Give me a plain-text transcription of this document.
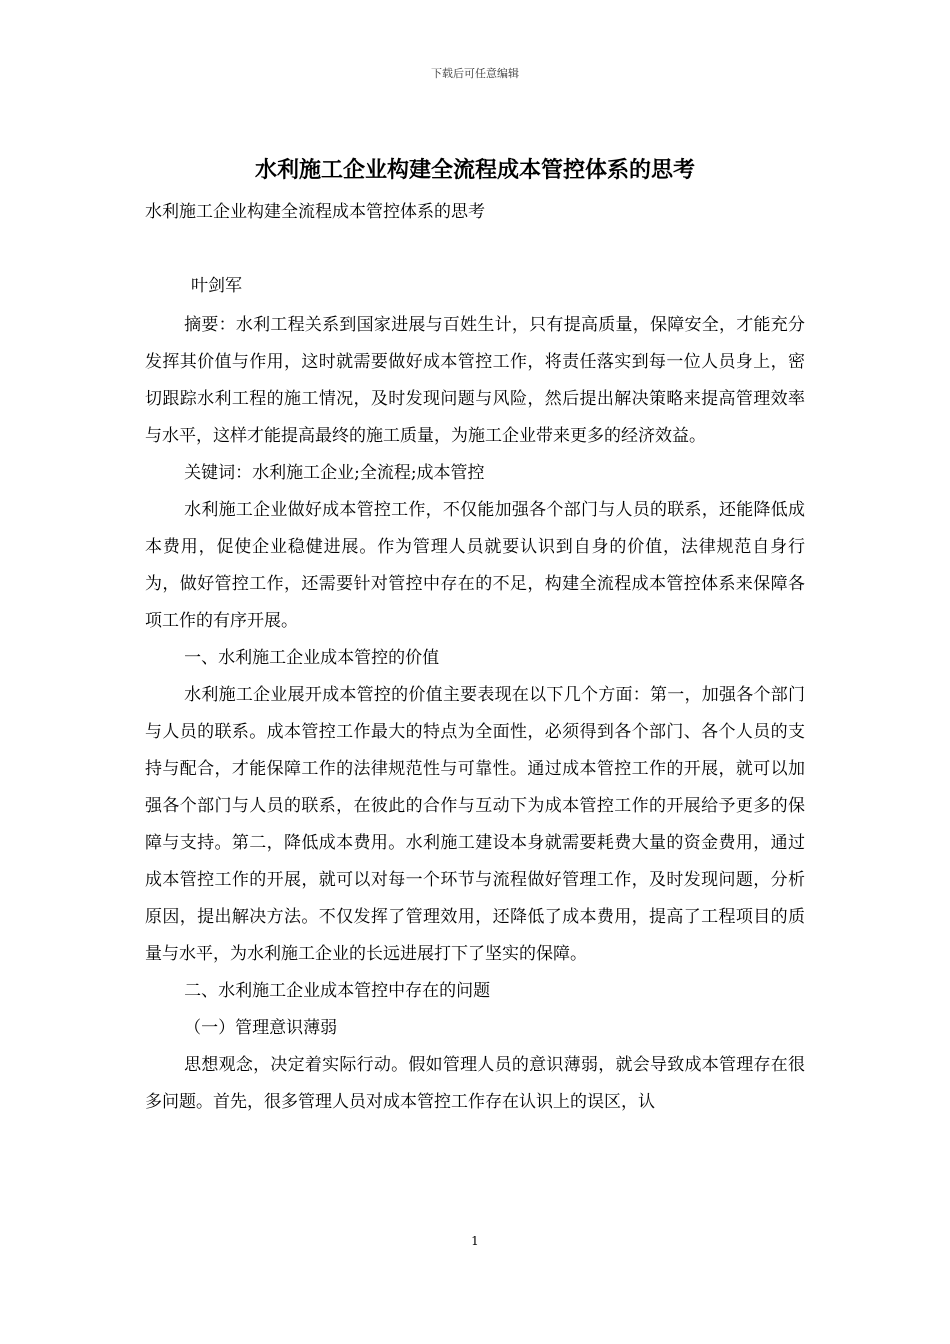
下载后可任意编辑
水利施工企业构建全流程成本管控体系的思考

水利施工企业构建全流程成本管控体系的思考

叶剑军

摘要：水利工程关系到国家进展与百姓生计，只有提高质量，保障安全，才能充分发挥其价值与作用，这时就需要做好成本管控工作，将责任落实到每一位人员身上，密切跟踪水利工程的施工情况，及时发现问题与风险，然后提出解决策略来提高管理效率与水平，这样才能提高最终的施工质量，为施工企业带来更多的经济效益。

关键词：水利施工企业;全流程;成本管控

水利施工企业做好成本管控工作，不仅能加强各个部门与人员的联系，还能降低成本费用，促使企业稳健进展。作为管理人员就要认识到自身的价值，法律规范自身行为，做好管控工作，还需要针对管控中存在的不足，构建全流程成本管控体系来保障各项工作的有序开展。

一、水利施工企业成本管控的价值

水利施工企业展开成本管控的价值主要表现在以下几个方面：第一，加强各个部门与人员的联系。成本管控工作最大的特点为全面性，必须得到各个部门、各个人员的支持与配合，才能保障工作的法律规范性与可靠性。通过成本管控工作的开展，就可以加强各个部门与人员的联系，在彼此的合作与互动下为成本管控工作的开展给予更多的保障与支持。第二，降低成本费用。水利施工建设本身就需要耗费大量的资金费用，通过成本管控工作的开展，就可以对每一个环节与流程做好管理工作，及时发现问题，分析原因，提出解决方法。不仅发挥了管理效用，还降低了成本费用，提高了工程项目的质量与水平，为水利施工企业的长远进展打下了坚实的保障。

二、水利施工企业成本管控中存在的问题

（一）管理意识薄弱

思想观念，决定着实际行动。假如管理人员的意识薄弱，就会导致成本管理存在很多问题。首先，很多管理人员对成本管控工作存在认识上的误区，认

1
